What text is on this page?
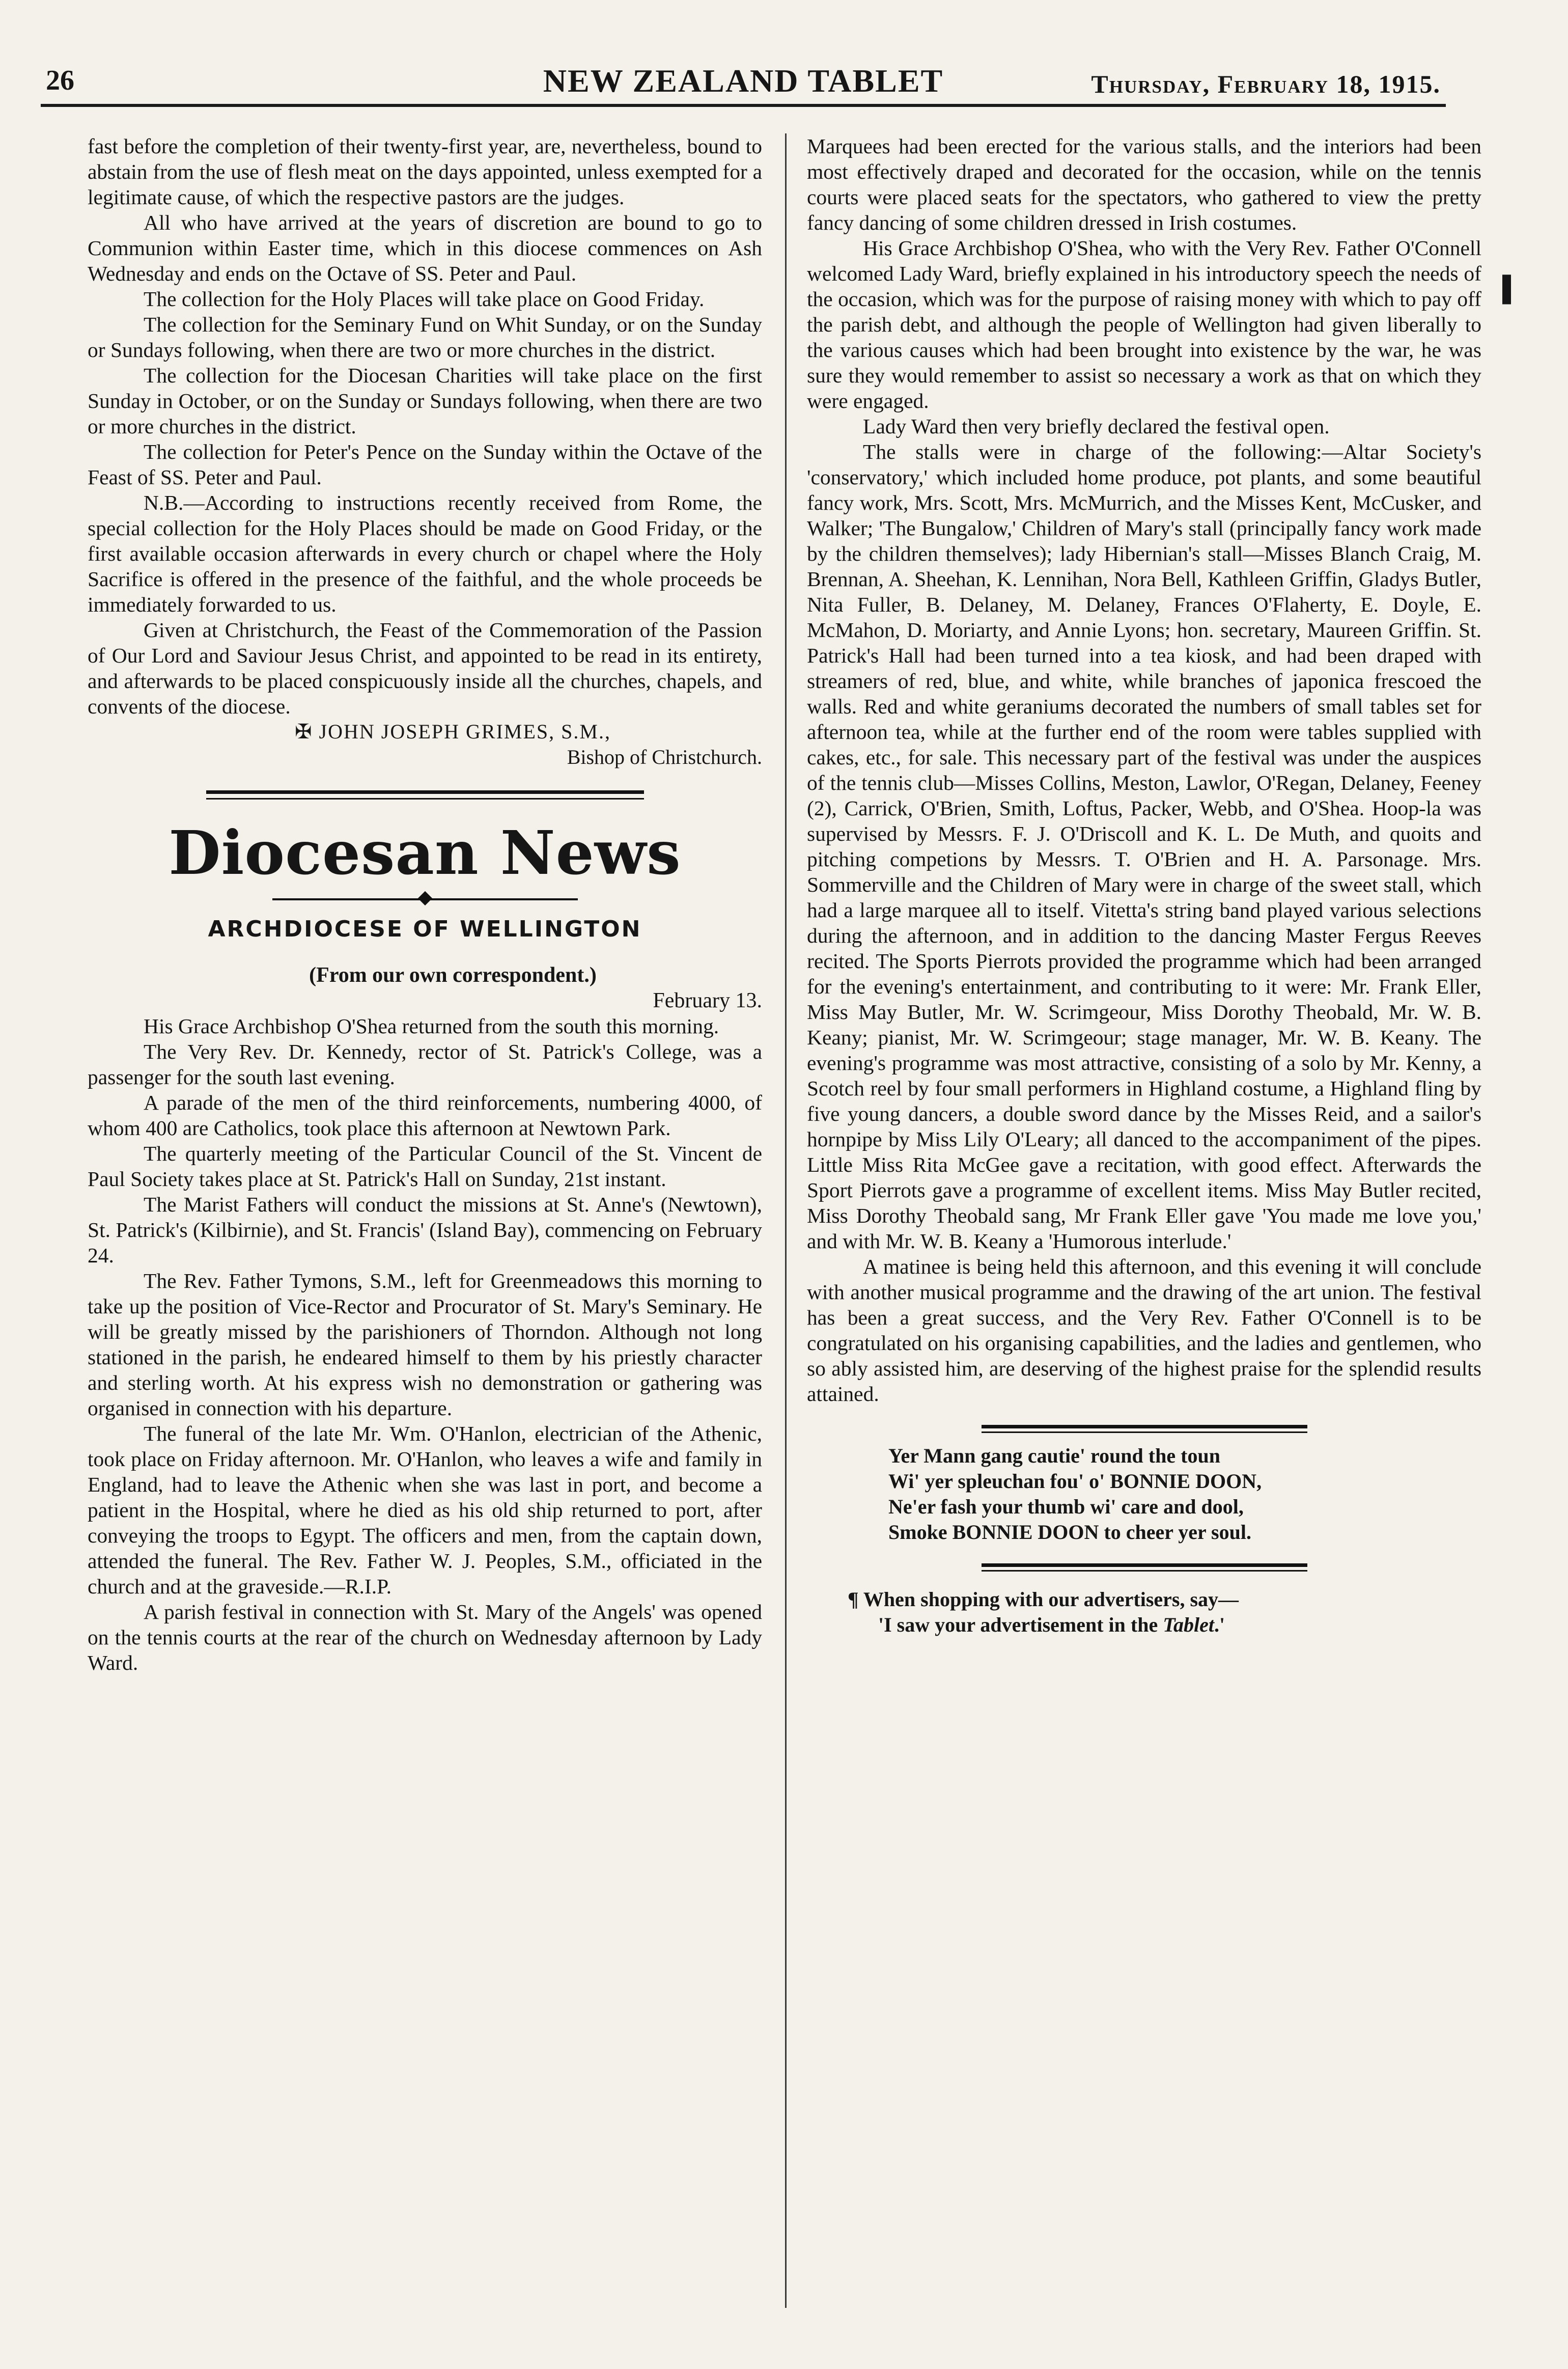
26	NEW ZEALAND TABLET	Thursday, February 18, 1915.

fast before the completion of their twenty-first year, are, nevertheless, bound to abstain from the use of flesh meat on the days appointed, unless exempted for a legitimate cause, of which the respective pastors are the judges.

All who have arrived at the years of discretion are bound to go to Communion within Easter time, which in this diocese commences on Ash Wednesday and ends on the Octave of SS. Peter and Paul.

The collection for the Holy Places will take place on Good Friday.

The collection for the Seminary Fund on Whit Sunday, or on the Sunday or Sundays following, when there are two or more churches in the district.

The collection for the Diocesan Charities will take place on the first Sunday in October, or on the Sunday or Sundays following, when there are two or more churches in the district.

The collection for Peter's Pence on the Sunday within the Octave of the Feast of SS. Peter and Paul.

N.B.—According to instructions recently received from Rome, the special collection for the Holy Places should be made on Good Friday, or the first available occasion afterwards in every church or chapel where the Holy Sacrifice is offered in the presence of the faithful, and the whole proceeds be immediately forwarded to us.

Given at Christchurch, the Feast of the Commemoration of the Passion of Our Lord and Saviour Jesus Christ, and appointed to be read in its entirety, and afterwards to be placed conspicuously inside all the churches, chapels, and convents of the diocese.

✠ JOHN JOSEPH GRIMES, S.M.,

Bishop of Christchurch.

Diocesan News
ARCHDIOCESE OF WELLINGTON

(From our own correspondent.)

February 13.

His Grace Archbishop O'Shea returned from the south this morning.

The Very Rev. Dr. Kennedy, rector of St. Patrick's College, was a passenger for the south last evening.

A parade of the men of the third reinforcements, numbering 4000, of whom 400 are Catholics, took place this afternoon at Newtown Park.

The quarterly meeting of the Particular Council of the St. Vincent de Paul Society takes place at St. Patrick's Hall on Sunday, 21st instant.

The Marist Fathers will conduct the missions at St. Anne's (Newtown), St. Patrick's (Kilbirnie), and St. Francis' (Island Bay), commencing on February 24.

The Rev. Father Tymons, S.M., left for Greenmeadows this morning to take up the position of Vice-Rector and Procurator of St. Mary's Seminary. He will be greatly missed by the parishioners of Thorndon. Although not long stationed in the parish, he endeared himself to them by his priestly character and sterling worth. At his express wish no demonstration or gathering was organised in connection with his departure.

The funeral of the late Mr. Wm. O'Hanlon, electrician of the Athenic, took place on Friday afternoon. Mr. O'Hanlon, who leaves a wife and family in England, had to leave the Athenic when she was last in port, and become a patient in the Hospital, where he died as his old ship returned to port, after conveying the troops to Egypt. The officers and men, from the captain down, attended the funeral. The Rev. Father W. J. Peoples, S.M., officiated in the church and at the graveside.—R.I.P.

A parish festival in connection with St. Mary of the Angels' was opened on the tennis courts at the rear of the church on Wednesday afternoon by Lady Ward.

Marquees had been erected for the various stalls, and the interiors had been most effectively draped and decorated for the occasion, while on the tennis courts were placed seats for the spectators, who gathered to view the pretty fancy dancing of some children dressed in Irish costumes.

His Grace Archbishop O'Shea, who with the Very Rev. Father O'Connell welcomed Lady Ward, briefly explained in his introductory speech the needs of the occasion, which was for the purpose of raising money with which to pay off the parish debt, and although the people of Wellington had given liberally to the various causes which had been brought into existence by the war, he was sure they would remember to assist so necessary a work as that on which they were engaged.

Lady Ward then very briefly declared the festival open.

The stalls were in charge of the following:—Altar Society's 'conservatory,' which included home produce, pot plants, and some beautiful fancy work, Mrs. Scott, Mrs. McMurrich, and the Misses Kent, McCusker, and Walker; 'The Bungalow,' Children of Mary's stall (principally fancy work made by the children themselves); lady Hibernian's stall—Misses Blanch Craig, M. Brennan, A. Sheehan, K. Lennihan, Nora Bell, Kathleen Griffin, Gladys Butler, Nita Fuller, B. Delaney, M. Delaney, Frances O'Flaherty, E. Doyle, E. McMahon, D. Moriarty, and Annie Lyons; hon. secretary, Maureen Griffin. St. Patrick's Hall had been turned into a tea kiosk, and had been draped with streamers of red, blue, and white, while branches of japonica frescoed the walls. Red and white geraniums decorated the numbers of small tables set for afternoon tea, while at the further end of the room were tables supplied with cakes, etc., for sale. This necessary part of the festival was under the auspices of the tennis club—Misses Collins, Meston, Lawlor, O'Regan, Delaney, Feeney (2), Carrick, O'Brien, Smith, Loftus, Packer, Webb, and O'Shea. Hoop-la was supervised by Messrs. F. J. O'Driscoll and K. L. De Muth, and quoits and pitching competions by Messrs. T. O'Brien and H. A. Parsonage. Mrs. Sommerville and the Children of Mary were in charge of the sweet stall, which had a large marquee all to itself. Vitetta's string band played various selections during the afternoon, and in addition to the dancing Master Fergus Reeves recited. The Sports Pierrots provided the programme which had been arranged for the evening's entertainment, and contributing to it were: Mr. Frank Eller, Miss May Butler, Mr. W. Scrimgeour, Miss Dorothy Theobald, Mr. W. B. Keany; pianist, Mr. W. Scrimgeour; stage manager, Mr. W. B. Keany. The evening's programme was most attractive, consisting of a solo by Mr. Kenny, a Scotch reel by four small performers in Highland costume, a Highland fling by five young dancers, a double sword dance by the Misses Reid, and a sailor's hornpipe by Miss Lily O'Leary; all danced to the accompaniment of the pipes. Little Miss Rita McGee gave a recitation, with good effect. Afterwards the Sport Pierrots gave a programme of excellent items. Miss May Butler recited, Miss Dorothy Theobald sang, Mr Frank Eller gave 'You made me love you,' and with Mr. W. B. Keany a 'Humorous interlude.'

A matinee is being held this afternoon, and this evening it will conclude with another musical programme and the drawing of the art union. The festival has been a great success, and the Very Rev. Father O'Connell is to be congratulated on his organising capabilities, and the ladies and gentlemen, who so ably assisted him, are deserving of the highest praise for the splendid results attained.

Yer Mann gang cautie' round the toun
Wi' yer spleuchan fou' o' BONNIE DOON,
Ne'er fash your thumb wi' care and dool,
Smoke BONNIE DOON to cheer yer soul.
¶ When shopping with our advertisers, say—
'I saw your advertisement in the Tablet.'
▌
